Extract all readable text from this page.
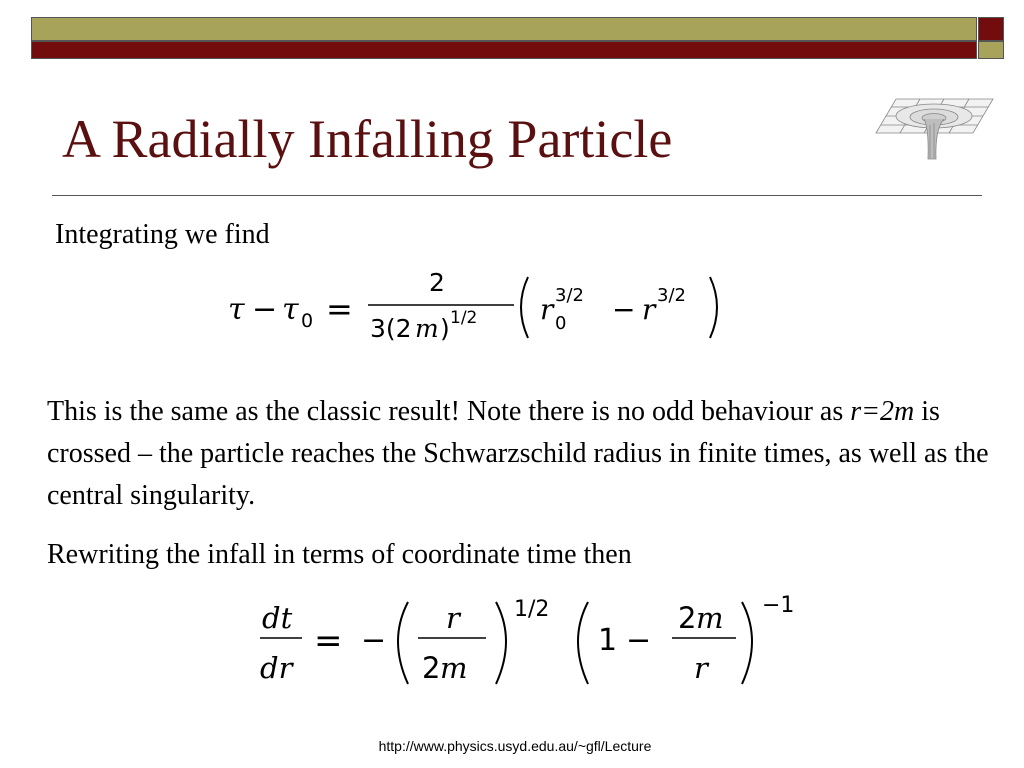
A Radially Infalling Particle
Integrating we find
τ − τ 0 =
2
3(2 m ) 1/2 r 3/2
0 − r 3/2
This is the same as the classic result! Note there is no odd behaviour as r=2m is crossed – the particle reaches the Schwarzschild radius in finite times, as well as the central singularity.
Rewriting the infall in terms of coordinate time then
dt
dr
= −
r
2 m
1/2
1 −
2 m
r
−1
http://www.physics.usyd.edu.au/~gfl/Lecture
